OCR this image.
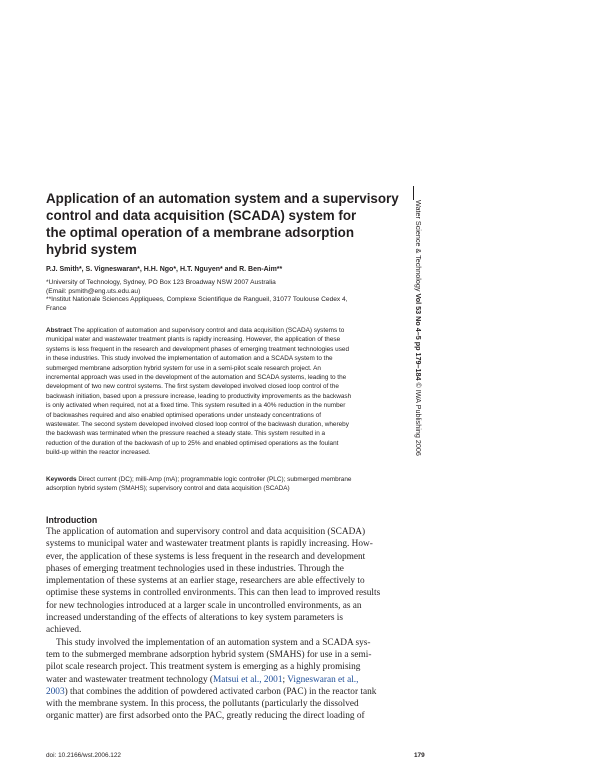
Application of an automation system and a supervisory
control and data acquisition (SCADA) system for
the optimal operation of a membrane adsorption
hybrid system
P.J. Smith*, S. Vigneswaran*, H.H. Ngo*, H.T. Nguyen* and R. Ben-Aim**
*University of Technology, Sydney, PO Box 123 Broadway NSW 2007 Australia
(Email: psmith@eng.uts.edu.au)
**Institut Nationale Sciences Appliquees, Complexe Scientifique de Rangueil, 31077 Toulouse Cedex 4,
France
Abstract The application of automation and supervisory control and data acquisition (SCADA) systems to
municipal water and wastewater treatment plants is rapidly increasing. However, the application of these
systems is less frequent in the research and development phases of emerging treatment technologies used
in these industries. This study involved the implementation of automation and a SCADA system to the
submerged membrane adsorption hybrid system for use in a semi-pilot scale research project. An
incremental approach was used in the development of the automation and SCADA systems, leading to the
development of two new control systems. The first system developed involved closed loop control of the
backwash initiation, based upon a pressure increase, leading to productivity improvements as the backwash
is only activated when required, not at a fixed time. This system resulted in a 40% reduction in the number
of backwashes required and also enabled optimised operations under unsteady concentrations of
wastewater. The second system developed involved closed loop control of the backwash duration, whereby
the backwash was terminated when the pressure reached a steady state. This system resulted in a
reduction of the duration of the backwash of up to 25% and enabled optimised operations as the foulant
build-up within the reactor increased.
Keywords Direct current (DC); milli-Amp (mA); programmable logic controller (PLC); submerged membrane
adsorption hybrid system (SMAHS); supervisory control and data acquisition (SCADA)
Introduction
The application of automation and supervisory control and data acquisition (SCADA)
systems to municipal water and wastewater treatment plants is rapidly increasing. How-
ever, the application of these systems is less frequent in the research and development
phases of emerging treatment technologies used in these industries. Through the
implementation of these systems at an earlier stage, researchers are able effectively to
optimise these systems in controlled environments. This can then lead to improved results
for new technologies introduced at a larger scale in uncontrolled environments, as an
increased understanding of the effects of alterations to key system parameters is
achieved.
This study involved the implementation of an automation system and a SCADA sys-
tem to the submerged membrane adsorption hybrid system (SMAHS) for use in a semi-
pilot scale research project. This treatment system is emerging as a highly promising
water and wastewater treatment technology (Matsui et al., 2001; Vigneswaran et al.,
2003) that combines the addition of powdered activated carbon (PAC) in the reactor tank
with the membrane system. In this process, the pollutants (particularly the dissolved
organic matter) are first adsorbed onto the PAC, greatly reducing the direct loading of
doi: 10.2166/wst.2006.122	179
Water Science & Technology Vol 53 No 4–5 pp 179–184 © IWA Publishing 2006
